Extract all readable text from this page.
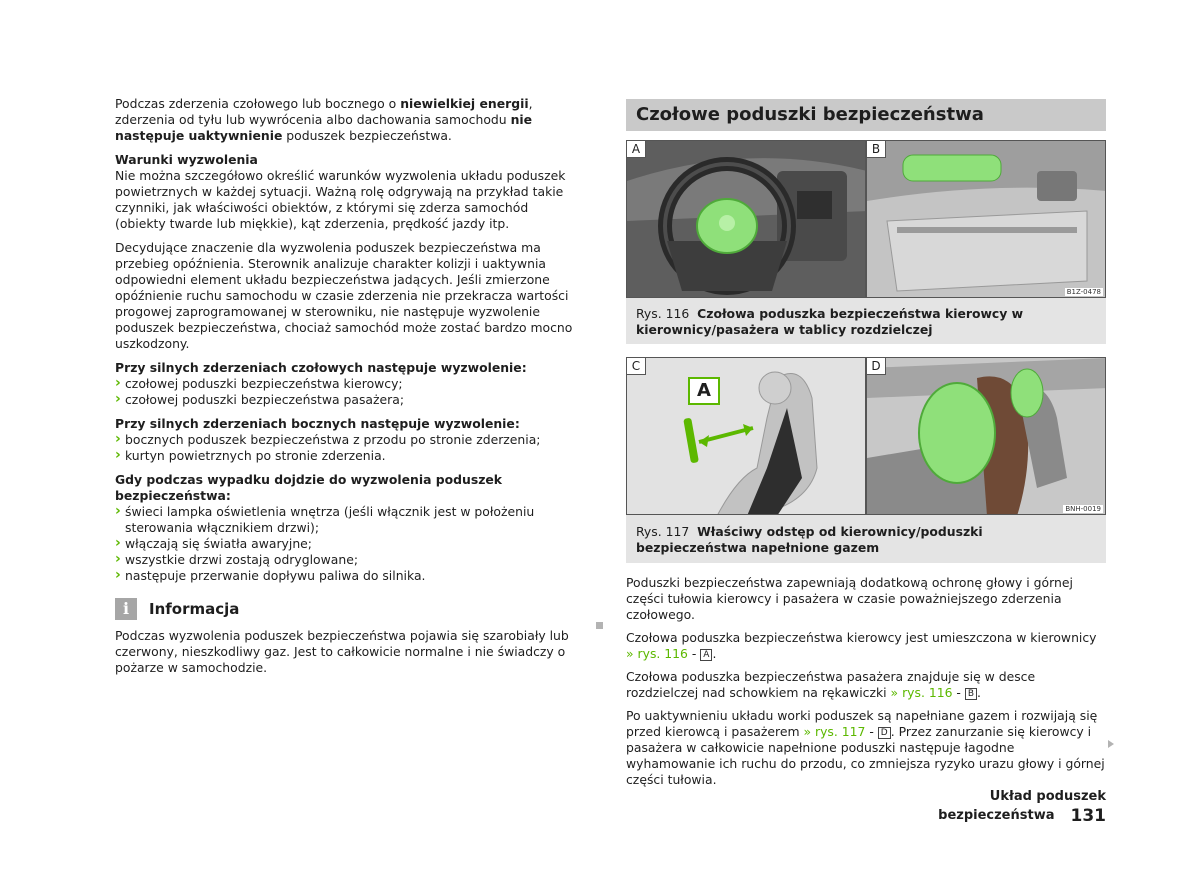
Podczas zderzenia czołowego lub bocznego o niewielkiej energii, zderzenia od tyłu lub wywrócenia albo dachowania samochodu nie następuje uaktywnienie poduszek bezpieczeństwa.

Warunki wyzwolenia

Nie można szczegółowo określić warunków wyzwolenia układu poduszek powietrznych w każdej sytuacji. Ważną rolę odgrywają na przykład takie czynniki, jak właściwości obiektów, z którymi się zderza samochód (obiekty twarde lub miękkie), kąt zderzenia, prędkość jazdy itp.

Decydujące znaczenie dla wyzwolenia poduszek bezpieczeństwa ma przebieg opóźnienia. Sterownik analizuje charakter kolizji i uaktywnia odpowiedni element układu bezpieczeństwa jadących. Jeśli zmierzone opóźnienie ruchu samochodu w czasie zderzenia nie przekracza wartości progowej zaprogramowanej w sterowniku, nie następuje wyzwolenie poduszek bezpieczeństwa, chociaż samochód może zostać bardzo mocno uszkodzony.

Przy silnych zderzeniach czołowych następuje wyzwolenie:

› czołowej poduszki bezpieczeństwa kierowcy;
› czołowej poduszki bezpieczeństwa pasażera;

Przy silnych zderzeniach bocznych następuje wyzwolenie:

› bocznych poduszek bezpieczeństwa z przodu po stronie zderzenia;
› kurtyn powietrznych po stronie zderzenia.

Gdy podczas wypadku dojdzie do wyzwolenia poduszek bezpieczeństwa:

› świeci lampka oświetlenia wnętrza (jeśli włącznik jest w położeniu sterowania włącznikiem drzwi);
› włączają się światła awaryjne;
› wszystkie drzwi zostają odryglowane;
› następuje przerwanie dopływu paliwa do silnika.
i	Informacja

Podczas wyzwolenia poduszek bezpieczeństwa pojawia się szarobiały lub czerwony, nieszkodliwy gaz. Jest to całkowicie normalne i nie świadczy o pożarze w samochodzie.

Czołowe poduszki bezpieczeństwa
A	B
B1Z-0478
Rys. 116 Czołowa poduszka bezpieczeństwa kierowcy w kierownicy/pasażera w tablicy rozdzielczej
A
C	D
BNH-0019
Rys. 117 Właściwy odstęp od kierownicy/poduszki bezpieczeństwa napełnione gazem

Poduszki bezpieczeństwa zapewniają dodatkową ochronę głowy i górnej części tułowia kierowcy i pasażera w czasie poważniejszego zderzenia czołowego.

Czołowa poduszka bezpieczeństwa kierowcy jest umieszczona w kierownicy » rys. 116 - A .

Czołowa poduszka bezpieczeństwa pasażera znajduje się w desce rozdzielczej nad schowkiem na rękawiczki » rys. 116 - B .

Po uaktywnieniu układu worki poduszek są napełniane gazem i rozwijają się przed kierowcą i pasażerem » rys. 117 - D . Przez zanurzanie się kierowcy i pasażera w całkowicie napełnione poduszki następuje łagodne wyhamowanie ich ruchu do przodu, co zmniejsza ryzyko urazu głowy i górnej części tułowia.

Układ poduszek bezpieczeństwa 131
